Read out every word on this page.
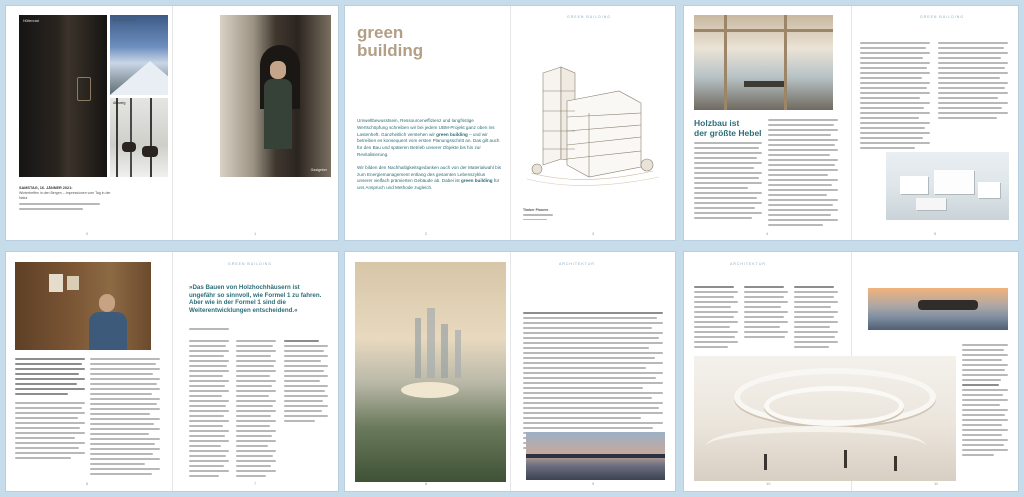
Hüttenrast	Bergpanorama
Almweg
Gastgeber
SAMSTAG, 16. JÄNNER 2021:
Wintertreffen in den Bergen – Impressionen vom Tag in der Natur
0	1
green
building

Umweltbewusstsein, Ressourceneffizienz und langfristige Wertschöpfung schreiben wir bei jedem UBM-Projekt ganz oben ins Lastenheft. Ganzheitlich verstehen wir green building – und wir betreiben es konsequent vom ersten Planungsschritt an. Das gilt auch für den Bau und späteren Betrieb unserer Objekte bis hin zur Revitalisierung.

Wir bilden den Nachhaltigkeitsgedanken auch von der Materialwahl bis zum Energiemanagement entlang des gesamten Lebenszyklus unserer vielfach prämierten Gebäude ab. Dabei ist green building für uns Anspruch und Methode zugleich.

GREEN BUILDING
Timber Pioneer
2	3
Holzbau ist
der größte Hebel
GREEN BUILDING
4	5
GREEN BUILDING
»Das Bauen von Holzhochhäusern ist ungefähr so sinnvoll, wie Formel 1 zu fahren. Aber wie in der Formel 1 sind die Weiterentwicklungen entscheidend.«
6	7
ARCHITEKTUR
8	9
ARCHITEKTUR
10	11
